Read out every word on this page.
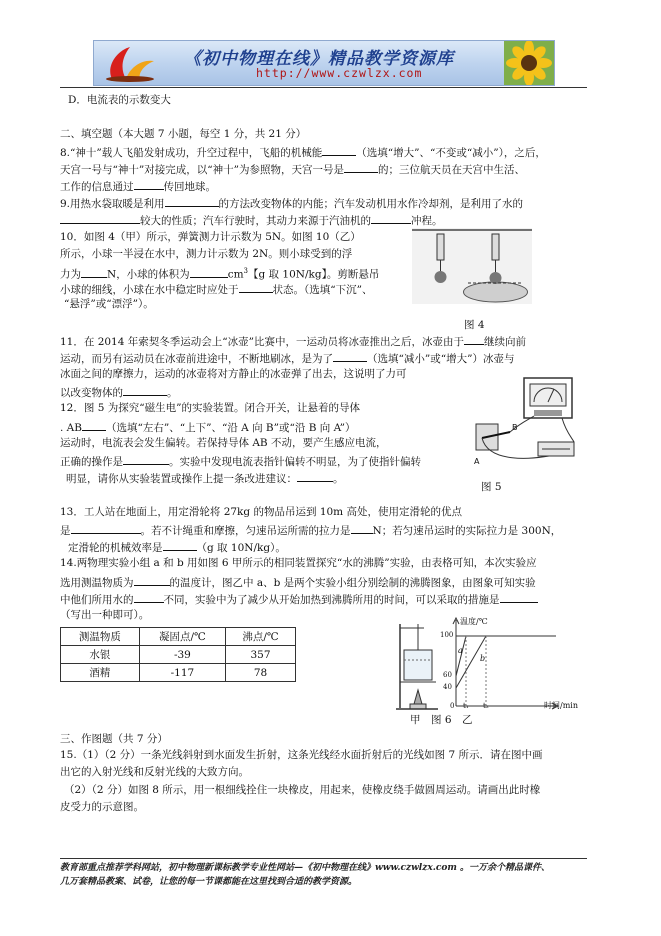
《初中物理在线》精品教学资源库
http://www.czwlzx.com
D．电流表的示数变大
二、填空题（本大题 7 小题，每空 1 分，共 21 分）
8.“神十”载人飞船发射成功，升空过程中，飞船的机械能	（选填“增大”、“不变或“减小”），之后，
天宫一号与“神十”对接完成，以“神十”为参照物，天宫一号是	的；三位航天员在天宫中生活、
工作的信息通过	传回地球。
9.用热水袋取暖是利用	的方法改变物体的内能；汽车发动机用水作冷却剂，是利用了水的
较大的性质；汽车行驶时，其动力来源于汽油机的	冲程。
10．如图 4（甲）所示，弹簧测力计示数为 5N。如图 10（乙）
所示，小球一半浸在水中，测力计示数为 2N。则小球受到的浮
力为 N，小球的体积为	$cm^3$【g 取 10N/kg】。剪断悬吊
小球的细线，小球在水中稳定时应处于	状态。（选填“下沉”、
“悬浮”或“漂浮”）。
图 4
11．在 2014 年索契冬季运动会上“冰壶”比赛中，一运动员将冰壶推出之后，冰壶由于 继续向前
运动，而另有运动员在冰壶前进途中，不断地刷冰，是为了	（选填“减小”或“增大”）冰壶与
冰面之间的摩擦力，运动的冰壶将对方静止的冰壶弹了出去，这说明了力可
以改变物体的	。
12．图 5 为探究“磁生电”的实验装置。闭合开关，让悬着的导体
. AB （选填“左右”、“上下”、“沿 A 向 B”或“沿 B 向 A”）
运动时，电流表会发生偏转。若保持导体 AB 不动，要产生感应电流，
正确的操作是	。实验中发现电流表指针偏转不明显，为了使指针偏转
明显，请你从实验装置或操作上提一条改进建议：	。
A
B
图 5
13．工人站在地面上，用定滑轮将 27kg 的物品吊运到 10m 高处，使用定滑轮的优点
是	。若不计绳重和摩擦，匀速吊运所需的拉力是 N；若匀速吊运时的实际拉力是 300N，
定滑轮的机械效率是	（g 取 10N/kg）。
14.两物理实验小组 a 和 b 用如图 6 甲所示的相同装置探究“水的沸腾”实验，由表格可知，本次实验应
选用测温物质为	的温度计，图乙中 a、b 是两个实验小组分别绘制的沸腾图象，由图象可知实验
中他们所用水的	不同，实验中为了减少从开始加热到沸腾所用的时间，可以采取的措施是
（写出一种即可）。
测温物质	凝固点/℃	沸点/℃
水银	-39	357
酒精	-117	78
温度/℃
时间/min
100
60
40
0 t₁ t₂
a
b
甲　图 6　乙
三、作图题（共 7 分）
15.（1）（2 分）一条光线斜射到水面发生折射，这条光线经水面折射后的光线如图 7 所示．请在图中画
出它的入射光线和反射光线的大致方向。
（2）（2 分）如图 8 所示，用一根细线拴住一块橡皮，用起来，使橡皮绕手做圆周运动。请画出此时橡
皮受力的示意图。
教育部重点推荐学科网站，初中物理新课标教学专业性网站—《初中物理在线》www.czwlzx.com 。一万余个精品课件、
几万套精品教案、试卷，让您的每一节课都能在这里找到合适的教学资源。
